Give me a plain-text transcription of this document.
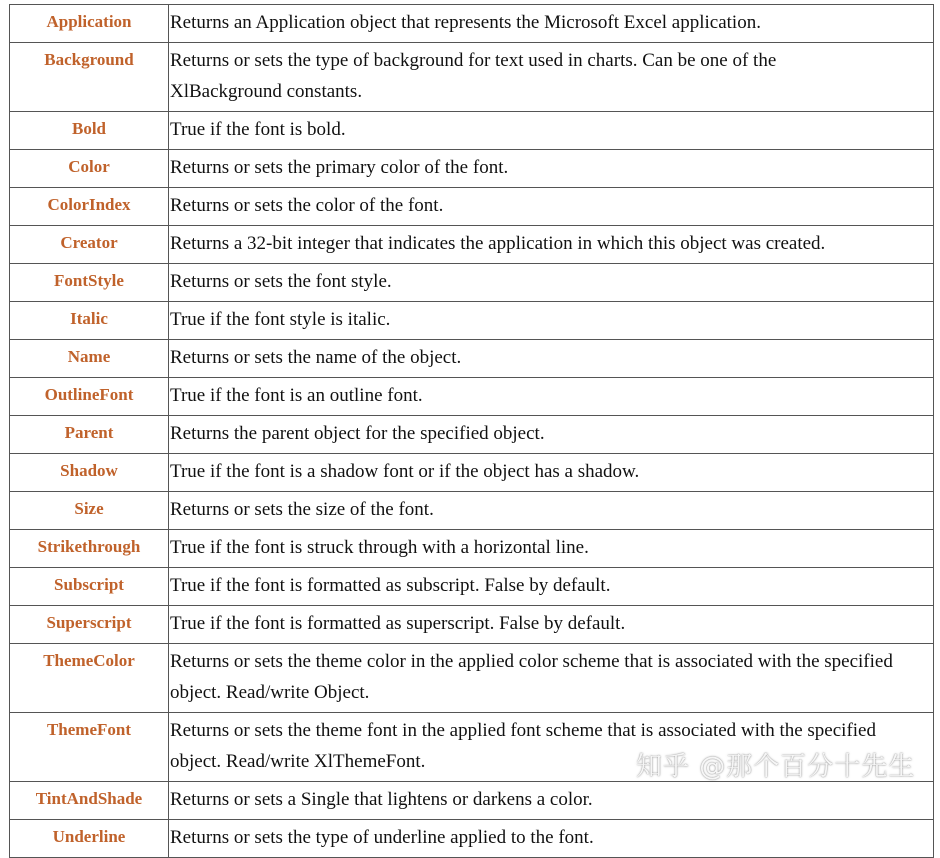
Application	Returns an Application object that represents the Microsoft Excel application.
Background	Returns or sets the type of background for text used in charts. Can be one of the XlBackground constants.
Bold	True if the font is bold.
Color	Returns or sets the primary color of the font.
ColorIndex	Returns or sets the color of the font.
Creator	Returns a 32-bit integer that indicates the application in which this object was created.
FontStyle	Returns or sets the font style.
Italic	True if the font style is italic.
Name	Returns or sets the name of the object.
OutlineFont	True if the font is an outline font.
Parent	Returns the parent object for the specified object.
Shadow	True if the font is a shadow font or if the object has a shadow.
Size	Returns or sets the size of the font.
Strikethrough	True if the font is struck through with a horizontal line.
Subscript	True if the font is formatted as subscript. False by default.
Superscript	True if the font is formatted as superscript. False by default.
ThemeColor	Returns or sets the theme color in the applied color scheme that is associated with the specified object. Read/write Object.
ThemeFont	Returns or sets the theme font in the applied font scheme that is associated with the specified object. Read/write XlThemeFont.
TintAndShade	Returns or sets a Single that lightens or darkens a color.
Underline	Returns or sets the type of underline applied to the font.
知乎 @那个百分十先生
